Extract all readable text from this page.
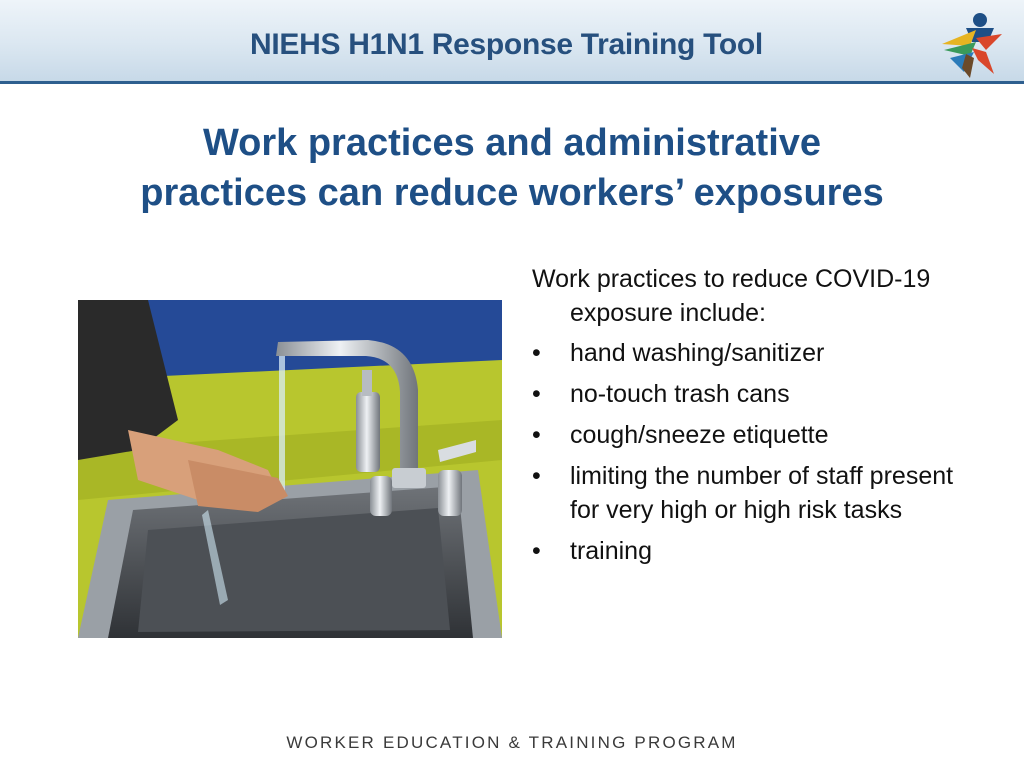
NIEHS H1N1 Response Training Tool
Work practices and administrative
practices can reduce workers’ exposures
Work practices to reduce COVID-19 exposure include:
•	hand washing/sanitizer
•	no-touch trash cans
•	cough/sneeze etiquette
•	limiting the number of staff present for very high or high risk tasks
•	training
WORKER EDUCATION & TRAINING PROGRAM
